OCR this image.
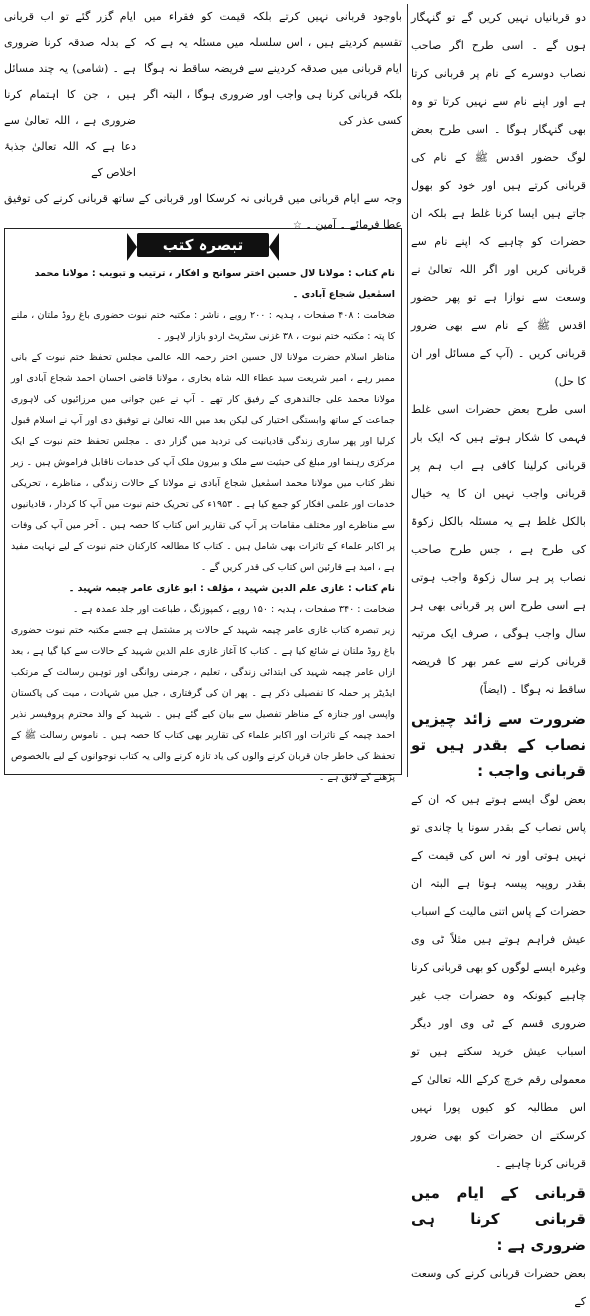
دو قربانیاں نہیں کریں گے تو گنہگار ہوں گے ۔ اسی طرح اگر صاحب نصاب دوسرے کے نام پر قربانی کرتا ہے اور اپنے نام سے نہیں کرتا تو وہ بھی گنہگار ہوگا ۔ اسی طرح بعض لوگ حضور اقدس ﷺ کے نام کی قربانی کرتے ہیں اور خود کو بھول جاتے ہیں ایسا کرنا غلط ہے بلکہ ان حضرات کو چاہیے کہ اپنے نام سے قربانی کریں اور اگر اللہ تعالیٰ نے وسعت سے نوازا ہے تو پھر حضور اقدس ﷺ کے نام سے بھی ضرور قربانی کریں ۔ (آپ کے مسائل اور ان کا حل)

اسی طرح بعض حضرات اسی غلط فہمی کا شکار ہوتے ہیں کہ ایک بار قربانی کرلینا کافی ہے اب ہم پر قربانی واجب نہیں ان کا یہ خیال بالکل غلط ہے یہ مسئلہ بالکل زکوۃ کی طرح ہے ، جس طرح صاحب نصاب پر ہر سال زکوۃ واجب ہوتی ہے اسی طرح اس پر قربانی بھی ہر سال واجب ہوگی ، صرف ایک مرتبہ قربانی کرنے سے عمر بھر کا فریضہ ساقط نہ ہوگا ۔ (ایضاً)

ضرورت سے زائد چیزیں نصاب کے بقدر ہیں تو قربانی واجب :

بعض لوگ ایسے ہوتے ہیں کہ ان کے پاس نصاب کے بقدر سونا یا چاندی تو نہیں ہوتی اور نہ اس کی قیمت کے بقدر روپیہ پیسہ ہوتا ہے البتہ ان حضرات کے پاس اتنی مالیت کے اسباب عیش فراہم ہوتے ہیں مثلاً ٹی وی وغیرہ ایسے لوگوں کو بھی قربانی کرنا چاہیے کیونکہ وہ حضرات جب غیر ضروری قسم کے ٹی وی اور دیگر اسباب عیش خرید سکتے ہیں تو معمولی رقم خرچ کرکے اللہ تعالیٰ کے اس مطالبہ کو کیوں پورا نہیں کرسکتے ان حضرات کو بھی ضرور قربانی کرنا چاہیے ۔

قربانی کے ایام میں قربانی کرنا ہی ضروری ہے :

بعض حضرات قربانی کرنے کی وسعت کے

باوجود قربانی نہیں کرتے بلکہ قیمت کو فقراء میں تقسیم کردیتے ہیں ، اس سلسلہ میں مسئلہ یہ ہے کہ ایام قربانی میں صدقہ کردینے سے فریضہ ساقط نہ ہوگا بلکہ قربانی کرنا ہی واجب اور ضروری ہوگا ، البتہ اگر کسی عذر کی

ایام گزر گئے تو اب قربانی کے بدلہ صدقہ کرنا ضروری ہے ۔ (شامی) یہ چند مسائل ہیں ، جن کا اہتمام کرنا ضروری ہے ، اللہ تعالیٰ سے دعا ہے کہ اللہ تعالیٰ جذبۂ اخلاص کے

وجہ سے ایام قربانی میں قربانی نہ کرسکا اور قربانی کے ساتھ قربانی کرنے کی توفیق عطا فرمائے ۔ آمین ۔ ☆

تبصرہ کتب

نام کتاب : مولانا لال حسین اختر سوانح و افکار ، ترتیب و تبویب : مولانا محمد اسمٰعیل شجاع آبادی ۔

ضخامت : ۴۰۸ صفحات ، ہدیہ : ۲۰۰ روپے ، ناشر : مکتبہ ختم نبوت حضوری باغ روڈ ملتان ، ملنے کا پتہ : مکتبہ ختم نبوت ، ۳۸ غزنی سٹریٹ اردو بازار لاہور ۔

مناظر اسلام حضرت مولانا لال حسین اختر رحمہ اللہ عالمی مجلس تحفظ ختم نبوت کے بانی ممبر رہے ، امیر شریعت سید عطاء اللہ شاہ بخاری ، مولانا قاضی احسان احمد شجاع آبادی اور مولانا محمد علی جالندھری کے رفیق کار تھے ۔ آپ نے عین جوانی میں مرزائیوں کی لاہوری جماعت کے ساتھ وابستگی اختیار کی لیکن بعد میں اللہ تعالیٰ نے توفیق دی اور آپ نے اسلام قبول کرلیا اور پھر ساری زندگی قادیانیت کی تردید میں گزار دی ۔ مجلس تحفظ ختم نبوت کے ایک مرکزی رہنما اور مبلغ کی حیثیت سے ملک و بیرون ملک آپ کی خدمات ناقابل فراموش ہیں ۔ زیر نظر کتاب میں مولانا محمد اسمٰعیل شجاع آبادی نے مولانا کے حالات زندگی ، مناظرے ، تحریکی خدمات اور علمی افکار کو جمع کیا ہے ۔ ۱۹۵۳ء کی تحریک ختم نبوت میں آپ کا کردار ، قادیانیوں سے مناظرے اور مختلف مقامات پر آپ کی تقاریر اس کتاب کا حصہ ہیں ۔ آخر میں آپ کی وفات پر اکابر علماء کے تاثرات بھی شامل ہیں ۔ کتاب کا مطالعہ کارکنان ختم نبوت کے لیے نہایت مفید ہے ، امید ہے قارئین اس کتاب کی قدر کریں گے ۔

نام کتاب : غازی علم الدین شہید ، مؤلف : ابو غازی عامر چیمہ شہید ۔

ضخامت : ۳۴۰ صفحات ، ہدیہ : ۱۵۰ روپے ، کمپوزنگ ، طباعت اور جلد عمدہ ہے ۔

زیر تبصرہ کتاب غازی عامر چیمہ شہید کے حالات پر مشتمل ہے جسے مکتبہ ختم نبوت حضوری باغ روڈ ملتان نے شائع کیا ہے ۔ کتاب کا آغاز غازی علم الدین شہید کے حالات سے کیا گیا ہے ، بعد ازاں عامر چیمہ شہید کی ابتدائی زندگی ، تعلیم ، جرمنی روانگی اور توہین رسالت کے مرتکب ایڈیٹر پر حملہ کا تفصیلی ذکر ہے ۔ پھر ان کی گرفتاری ، جیل میں شہادت ، میت کی پاکستان واپسی اور جنازہ کے مناظر تفصیل سے بیان کیے گئے ہیں ۔ شہید کے والد محترم پروفیسر نذیر احمد چیمہ کے تاثرات اور اکابر علماء کی تقاریر بھی کتاب کا حصہ ہیں ۔ ناموس رسالت ﷺ کے تحفظ کی خاطر جان قربان کرنے والوں کی یاد تازہ کرنے والی یہ کتاب نوجوانوں کے لیے بالخصوص پڑھنے کے لائق ہے ۔
